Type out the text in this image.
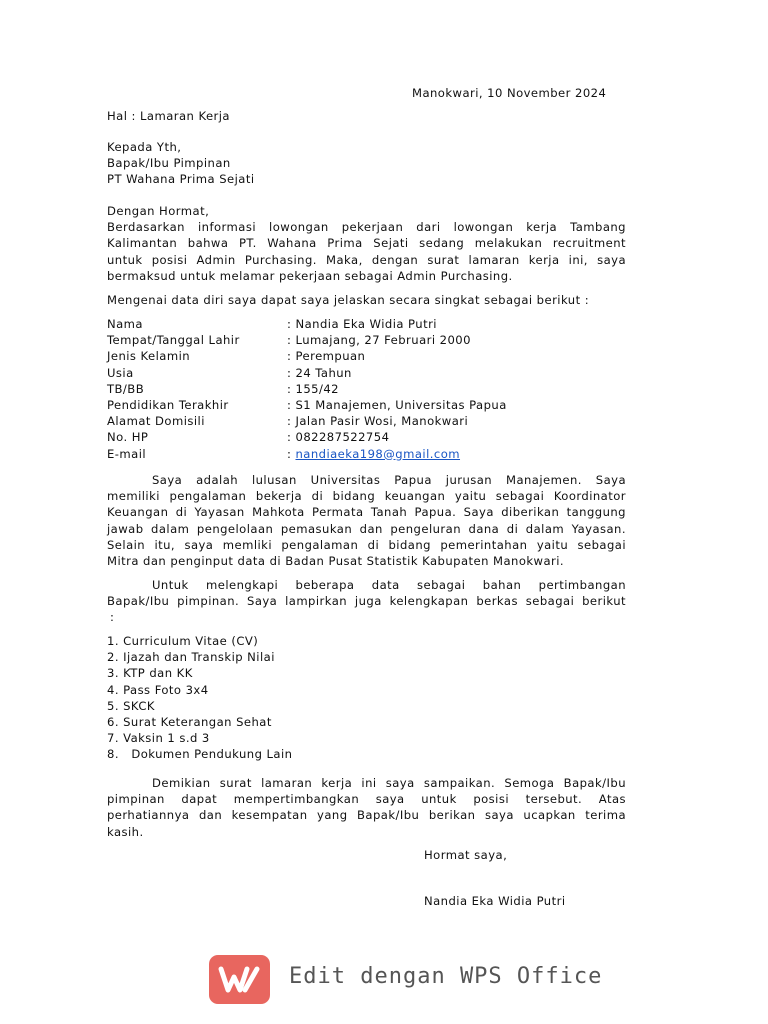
Manokwari, 10 November 2024
Hal : Lamaran Kerja
Kepada Yth,
Bapak/Ibu Pimpinan
PT Wahana Prima Sejati
Dengan Hormat,
Berdasarkan informasi lowongan pekerjaan dari lowongan kerja Tambang
Kalimantan bahwa PT. Wahana Prima Sejati sedang melakukan recruitment
untuk posisi Admin Purchasing. Maka, dengan surat lamaran kerja ini, saya
bermaksud untuk melamar pekerjaan sebagai Admin Purchasing.
Mengenai data diri saya dapat saya jelaskan secara singkat sebagai berikut :
Nama	: Nandia Eka Widia Putri
Tempat/Tanggal Lahir	: Lumajang, 27 Februari 2000
Jenis Kelamin	: Perempuan
Usia	: 24 Tahun
TB/BB	: 155/42
Pendidikan Terakhir	: S1 Manajemen, Universitas Papua
Alamat Domisili	: Jalan Pasir Wosi, Manokwari
No. HP	: 082287522754
E-mail	: nandiaeka198@gmail.com
Saya adalah lulusan Universitas Papua jurusan Manajemen. Saya
memiliki pengalaman bekerja di bidang keuangan yaitu sebagai Koordinator
Keuangan di Yayasan Mahkota Permata Tanah Papua. Saya diberikan tanggung
jawab dalam pengelolaan pemasukan dan pengeluran dana di dalam Yayasan.
Selain itu, saya memliki pengalaman di bidang pemerintahan yaitu sebagai
Mitra dan penginput data di Badan Pusat Statistik Kabupaten Manokwari.
Untuk melengkapi beberapa data sebagai bahan pertimbangan
Bapak/Ibu pimpinan. Saya lampirkan juga kelengkapan berkas sebagai berikut
:
1. Curriculum Vitae (CV)
2. Ijazah dan Transkip Nilai
3. KTP dan KK
4. Pass Foto 3x4
5. SKCK
6. Surat Keterangan Sehat
7. Vaksin 1 s.d 3
8.   Dokumen Pendukung Lain
Demikian surat lamaran kerja ini saya sampaikan. Semoga Bapak/Ibu
pimpinan dapat mempertimbangkan saya untuk posisi tersebut. Atas
perhatiannya dan kesempatan yang Bapak/Ibu berikan saya ucapkan terima
kasih.
Hormat saya,
Nandia Eka Widia Putri
Edit dengan WPS Office
